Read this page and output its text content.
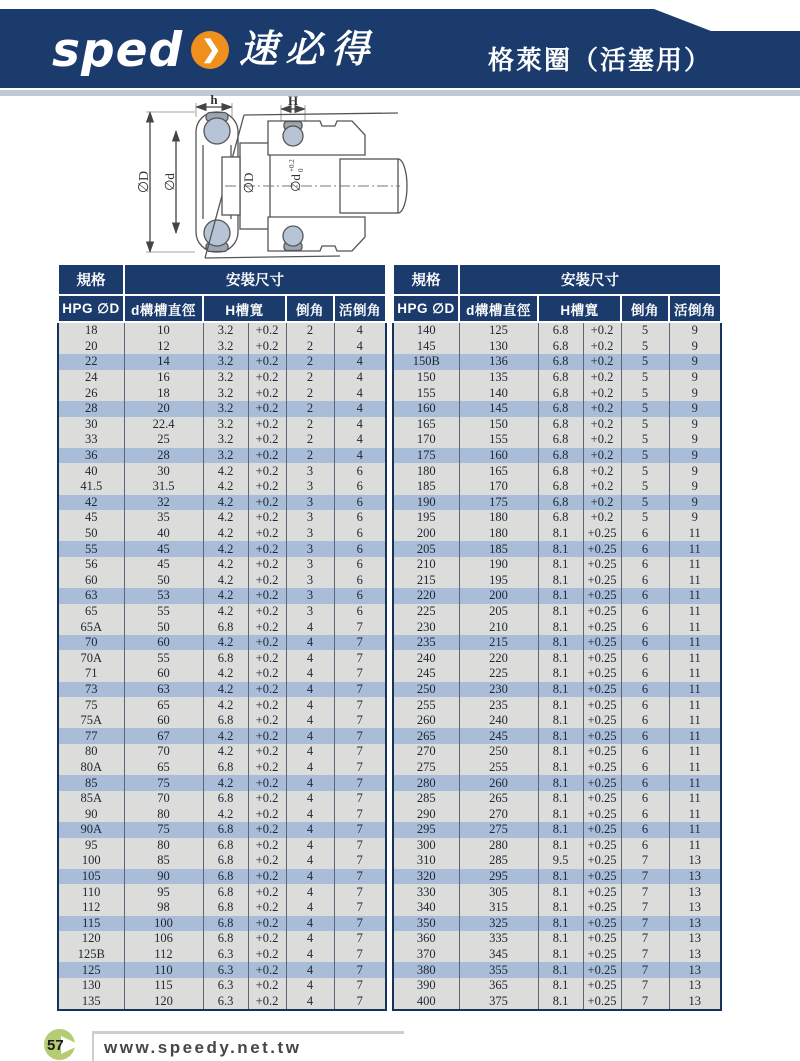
sped ❯ 速必得	格萊圈（活塞用）
h
∅D ∅d
H
∅D ∅d
+0.2 0
規格	安裝尺寸				
HPG ∅D	d構槽直徑	H槽寬		倒角	活倒角
18	10	3.2	+0.2	2	4
20	12	3.2	+0.2	2	4
22	14	3.2	+0.2	2	4
24	16	3.2	+0.2	2	4
26	18	3.2	+0.2	2	4
28	20	3.2	+0.2	2	4
30	22.4	3.2	+0.2	2	4
33	25	3.2	+0.2	2	4
36	28	3.2	+0.2	2	4
40	30	4.2	+0.2	3	6
41.5	31.5	4.2	+0.2	3	6
42	32	4.2	+0.2	3	6
45	35	4.2	+0.2	3	6
50	40	4.2	+0.2	3	6
55	45	4.2	+0.2	3	6
56	45	4.2	+0.2	3	6
60	50	4.2	+0.2	3	6
63	53	4.2	+0.2	3	6
65	55	4.2	+0.2	3	6
65A	50	6.8	+0.2	4	7
70	60	4.2	+0.2	4	7
70A	55	6.8	+0.2	4	7
71	60	4.2	+0.2	4	7
73	63	4.2	+0.2	4	7
75	65	4.2	+0.2	4	7
75A	60	6.8	+0.2	4	7
77	67	4.2	+0.2	4	7
80	70	4.2	+0.2	4	7
80A	65	6.8	+0.2	4	7
85	75	4.2	+0.2	4	7
85A	70	6.8	+0.2	4	7
90	80	4.2	+0.2	4	7
90A	75	6.8	+0.2	4	7
95	80	6.8	+0.2	4	7
100	85	6.8	+0.2	4	7
105	90	6.8	+0.2	4	7
110	95	6.8	+0.2	4	7
112	98	6.8	+0.2	4	7
115	100	6.8	+0.2	4	7
120	106	6.8	+0.2	4	7
125B	112	6.3	+0.2	4	7
125	110	6.3	+0.2	4	7
130	115	6.3	+0.2	4	7
135	120	6.3	+0.2	4	7
規格	安裝尺寸				
HPG ∅D	d構槽直徑	H槽寬		倒角	活倒角
140	125	6.8	+0.2	5	9
145	130	6.8	+0.2	5	9
150B	136	6.8	+0.2	5	9
150	135	6.8	+0.2	5	9
155	140	6.8	+0.2	5	9
160	145	6.8	+0.2	5	9
165	150	6.8	+0.2	5	9
170	155	6.8	+0.2	5	9
175	160	6.8	+0.2	5	9
180	165	6.8	+0.2	5	9
185	170	6.8	+0.2	5	9
190	175	6.8	+0.2	5	9
195	180	6.8	+0.2	5	9
200	180	8.1	+0.25	6	11
205	185	8.1	+0.25	6	11
210	190	8.1	+0.25	6	11
215	195	8.1	+0.25	6	11
220	200	8.1	+0.25	6	11
225	205	8.1	+0.25	6	11
230	210	8.1	+0.25	6	11
235	215	8.1	+0.25	6	11
240	220	8.1	+0.25	6	11
245	225	8.1	+0.25	6	11
250	230	8.1	+0.25	6	11
255	235	8.1	+0.25	6	11
260	240	8.1	+0.25	6	11
265	245	8.1	+0.25	6	11
270	250	8.1	+0.25	6	11
275	255	8.1	+0.25	6	11
280	260	8.1	+0.25	6	11
285	265	8.1	+0.25	6	11
290	270	8.1	+0.25	6	11
295	275	8.1	+0.25	6	11
300	280	8.1	+0.25	6	11
310	285	9.5	+0.25	7	13
320	295	8.1	+0.25	7	13
330	305	8.1	+0.25	7	13
340	315	8.1	+0.25	7	13
350	325	8.1	+0.25	7	13
360	335	8.1	+0.25	7	13
370	345	8.1	+0.25	7	13
380	355	8.1	+0.25	7	13
390	365	8.1	+0.25	7	13
400	375	8.1	+0.25	7	13
57	www.speedy.net.tw
